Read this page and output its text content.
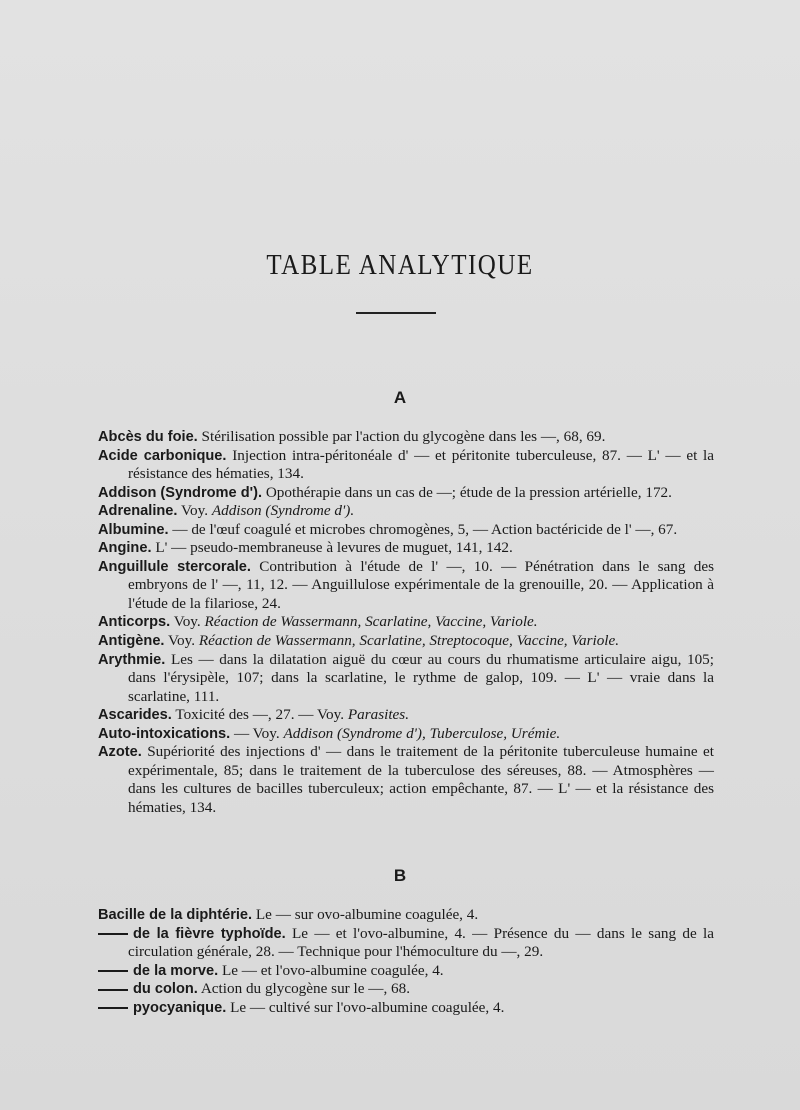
TABLE ANALYTIQUE
A

Abcès du foie. Stérilisation possible par l'action du glycogène dans les —, 68, 69.

Acide carbonique. Injection intra-péritonéale d' — et péritonite tuberculeuse, 87. — L' — et la résistance des hématies, 134.

Addison (Syndrome d'). Opothérapie dans un cas de —; étude de la pression artérielle, 172.

Adrenaline. Voy. Addison (Syndrome d').

Albumine. — de l'œuf coagulé et microbes chromogènes, 5, — Action bactéricide de l' —, 67.

Angine. L' — pseudo-membraneuse à levures de muguet, 141, 142.

Anguillule stercorale. Contribution à l'étude de l' —, 10. — Pénétration dans le sang des embryons de l' —, 11, 12. — Anguillulose expérimentale de la grenouille, 20. — Application à l'étude de la filariose, 24.

Anticorps. Voy. Réaction de Wassermann, Scarlatine, Vaccine, Variole.

Antigène. Voy. Réaction de Wassermann, Scarlatine, Streptocoque, Vaccine, Variole.

Arythmie. Les — dans la dilatation aiguë du cœur au cours du rhumatisme articulaire aigu, 105; dans l'érysipèle, 107; dans la scarlatine, le rythme de galop, 109. — L' — vraie dans la scarlatine, 111.

Ascarides. Toxicité des —, 27. — Voy. Parasites.

Auto-intoxications. — Voy. Addison (Syndrome d'), Tuberculose, Urémie.

Azote. Supériorité des injections d' — dans le traitement de la péritonite tuberculeuse humaine et expérimentale, 85; dans le traitement de la tuberculose des séreuses, 88. — Atmosphères — dans les cultures de bacilles tuberculeux; action empêchante, 87. — L' — et la résistance des hématies, 134.

B

Bacille de la diphtérie. Le — sur ovo-albumine coagulée, 4.

de la fièvre typhoïde. Le — et l'ovo-albumine, 4. — Présence du — dans le sang de la circulation générale, 28. — Technique pour l'hémoculture du —, 29.

de la morve. Le — et l'ovo-albumine coagulée, 4.

du colon. Action du glycogène sur le —, 68.

pyocyanique. Le — cultivé sur l'ovo-albumine coagulée, 4.
